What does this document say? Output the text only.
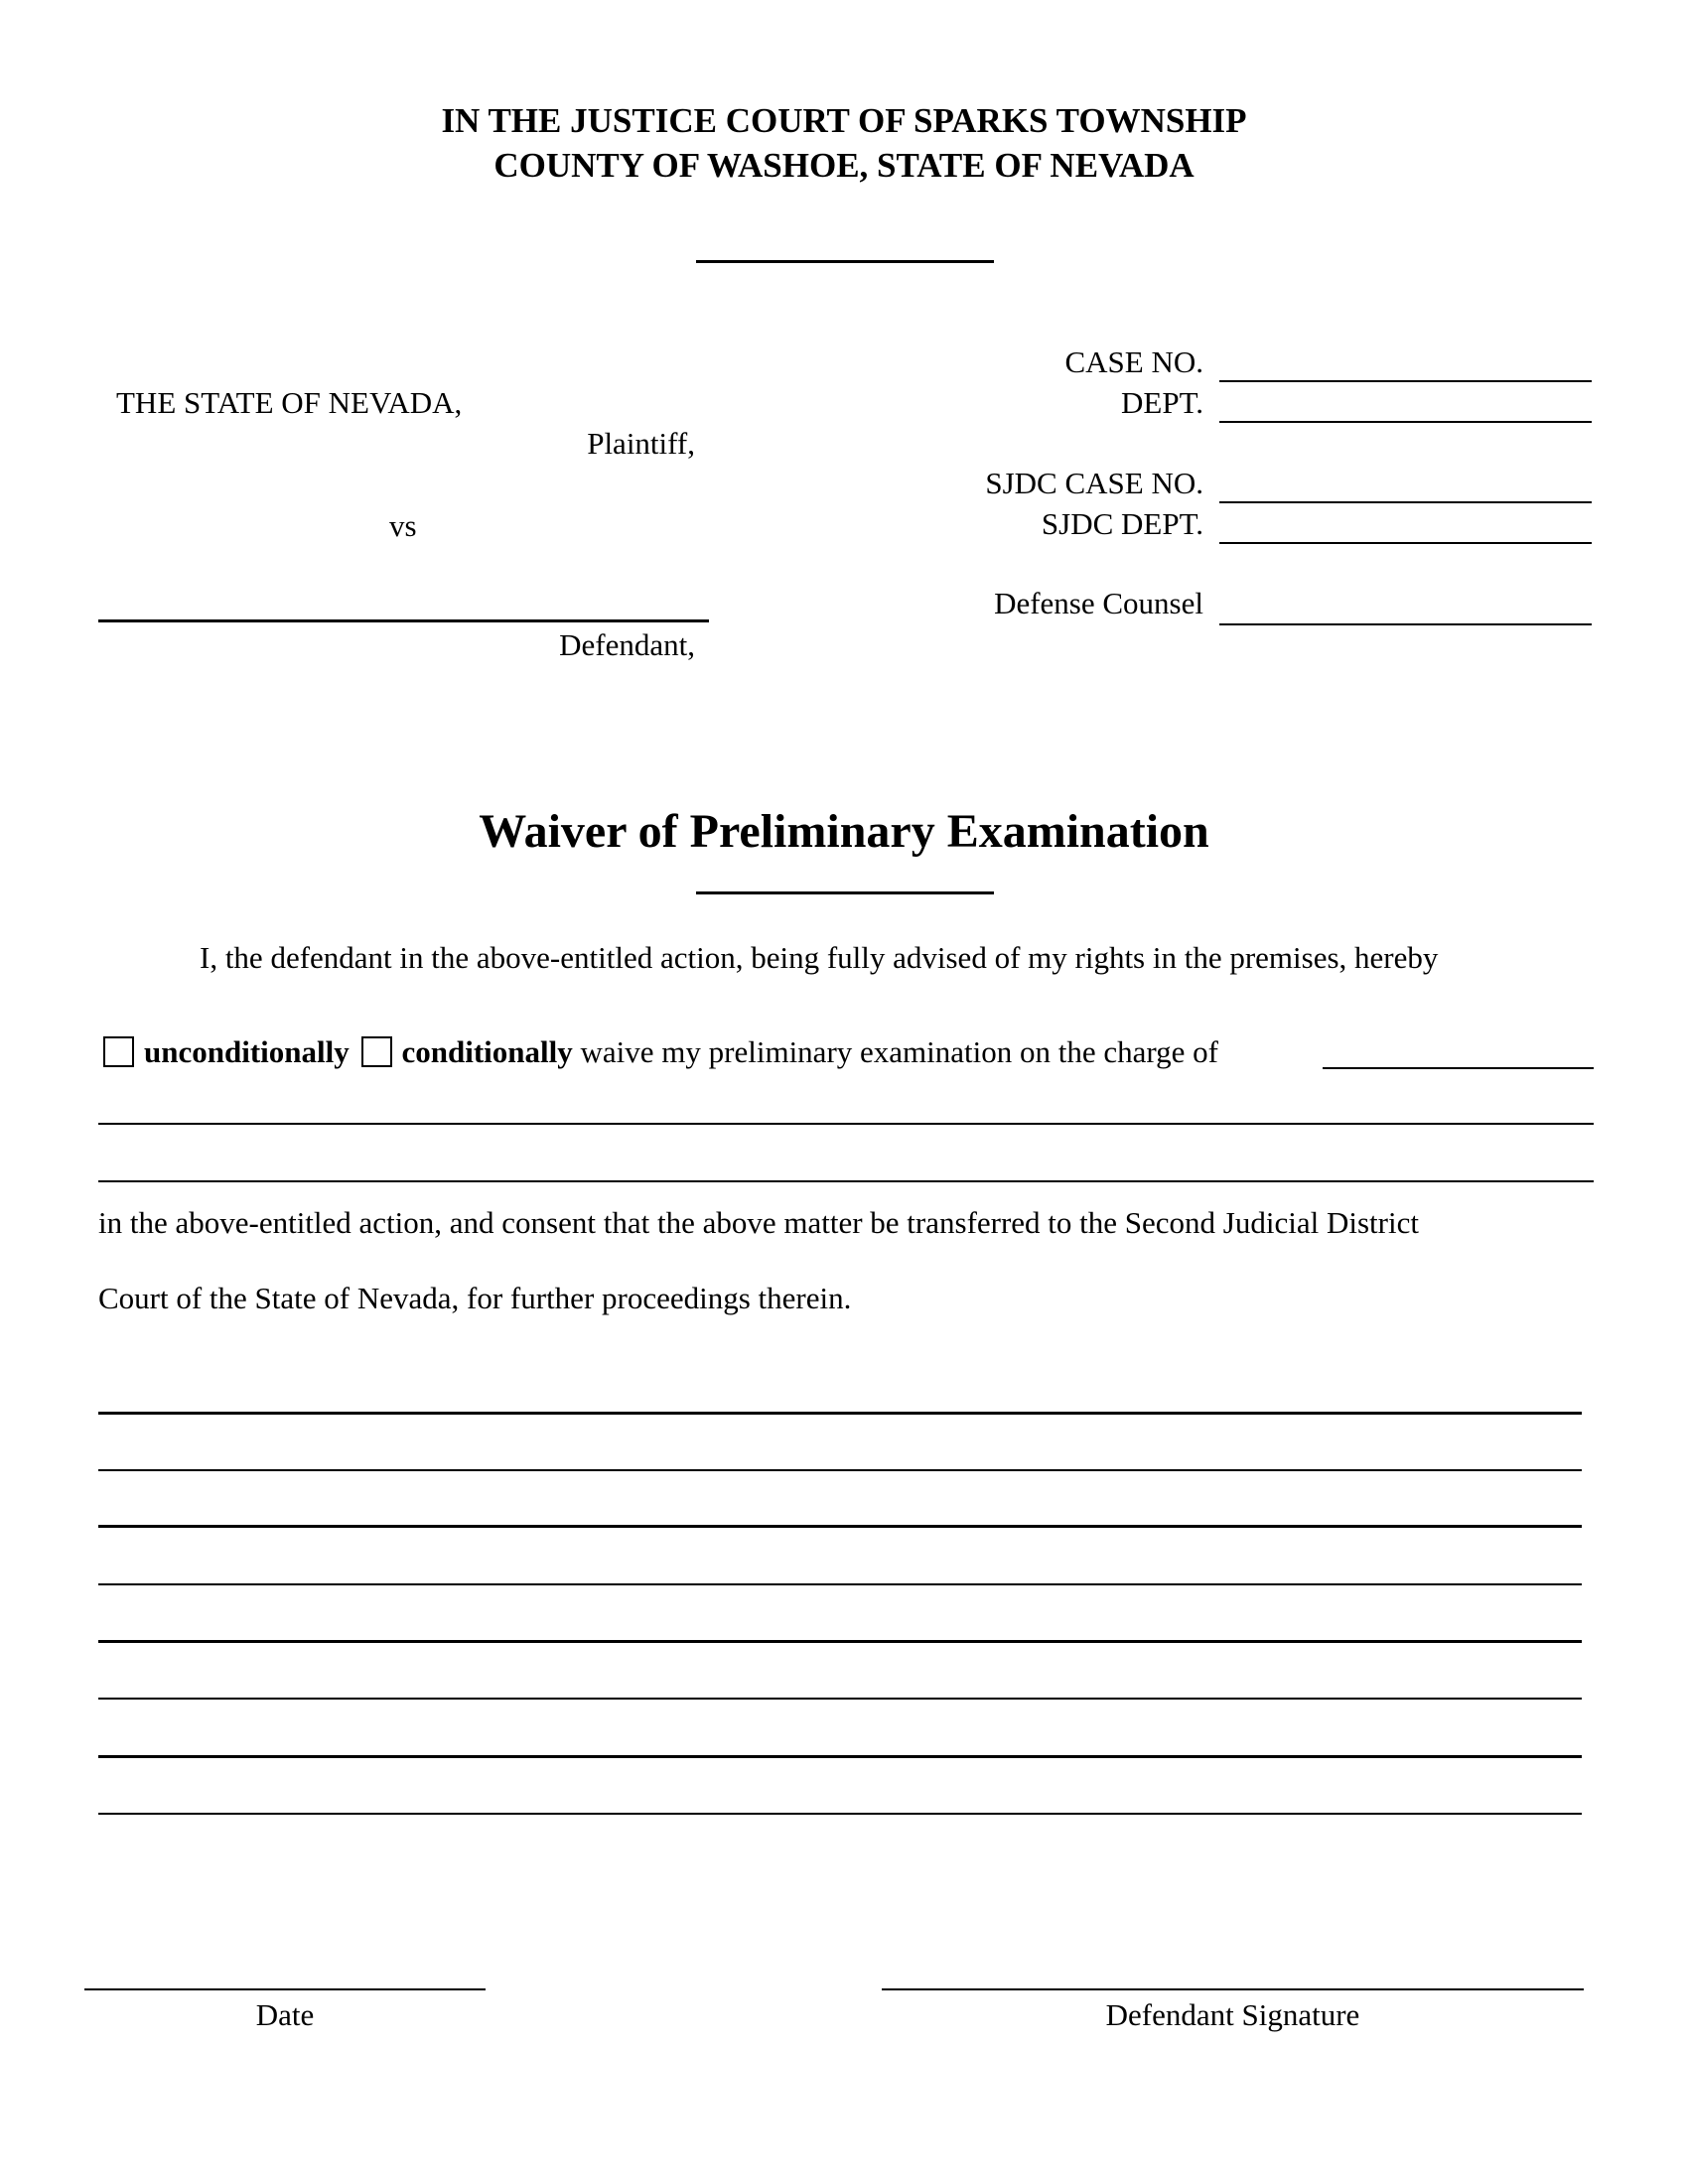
IN THE JUSTICE COURT OF SPARKS TOWNSHIP
COUNTY OF WASHOE, STATE OF NEVADA
THE STATE OF NEVADA,
Plaintiff,
vs
Defendant,
CASE NO.
DEPT.
SJDC CASE NO.
SJDC DEPT.
Defense Counsel
Waiver of Preliminary Examination
I, the defendant in the above-entitled action, being fully advised of my rights in the premises, hereby
unconditionally conditionally waive my preliminary examination on the charge of
in the above-entitled action, and consent that the above matter be transferred to the Second Judicial District
Court of the State of Nevada, for further proceedings therein.
Date	Defendant Signature
